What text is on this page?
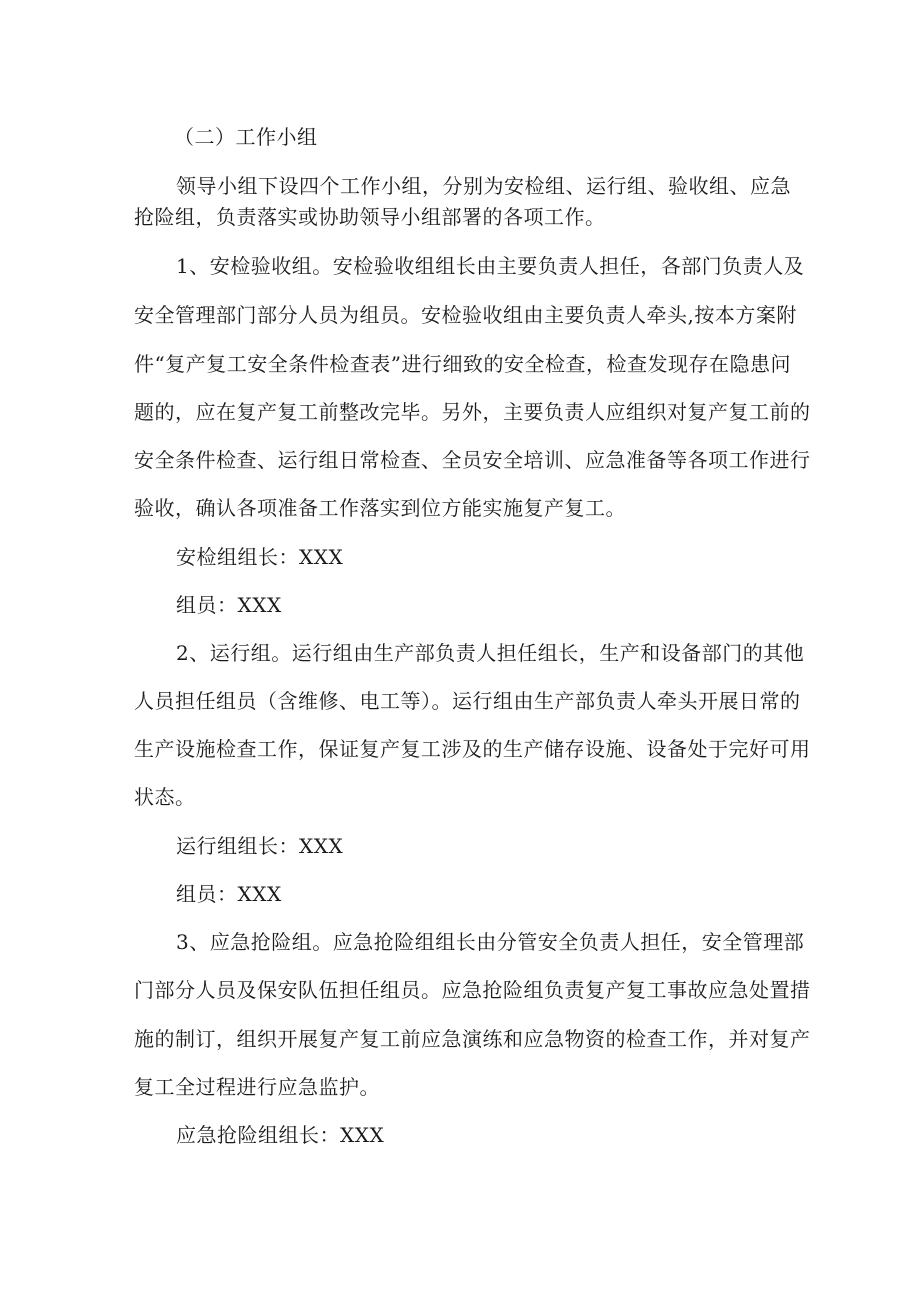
（二）工作小组
领导小组下设四个工作小组，分别为安检组、运行组、验收组、应急
抢险组，负责落实或协助领导小组部署的各项工作。
1、安检验收组。安检验收组组长由主要负责人担任，各部门负责人及
安全管理部门部分人员为组员。安检验收组由主要负责人牵头,按本方案附
件“复产复工安全条件检查表”进行细致的安全检查，检查发现存在隐患问
题的，应在复产复工前整改完毕。另外，主要负责人应组织对复产复工前的
安全条件检查、运行组日常检查、全员安全培训、应急准备等各项工作进行
验收，确认各项准备工作落实到位方能实施复产复工。
安检组组长：XXX
组员：XXX
2、运行组。运行组由生产部负责人担任组长，生产和设备部门的其他
人员担任组员（含维修、电工等）。运行组由生产部负责人牵头开展日常的
生产设施检查工作，保证复产复工涉及的生产储存设施、设备处于完好可用
状态。
运行组组长：XXX
组员：XXX
3、应急抢险组。应急抢险组组长由分管安全负责人担任，安全管理部
门部分人员及保安队伍担任组员。应急抢险组负责复产复工事故应急处置措
施的制订，组织开展复产复工前应急演练和应急物资的检查工作，并对复产
复工全过程进行应急监护。
应急抢险组组长：XXX
